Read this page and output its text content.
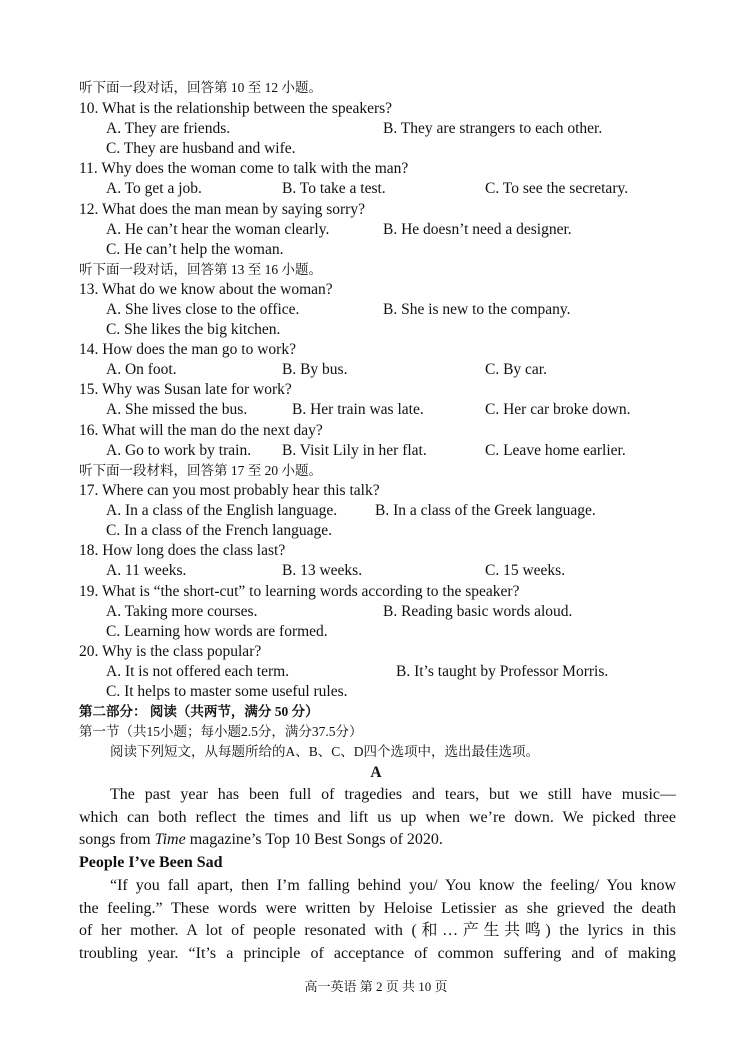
听下面一段对话，回答第 10 至 12 小题。
10. What is the relationship between the speakers?
A. They are friends.	B. They are strangers to each other.
C. They are husband and wife.
11. Why does the woman come to talk with the man?
A. To get a job.	B. To take a test.	C. To see the secretary.
12. What does the man mean by saying sorry?
A. He can’t hear the woman clearly.	B. He doesn’t need a designer.
C. He can’t help the woman.
听下面一段对话，回答第 13 至 16 小题。
13. What do we know about the woman?
A. She lives close to the office.	B. She is new to the company.
C. She likes the big kitchen.
14. How does the man go to work?
A. On foot.	B. By bus.	C. By car.
15. Why was Susan late for work?
A. She missed the bus.	B. Her train was late.	C. Her car broke down.
16. What will the man do the next day?
A. Go to work by train. B. Visit Lily in her flat.	C. Leave home earlier.
听下面一段材料，回答第 17 至 20 小题。
17. Where can you most probably hear this talk?
A. In a class of the English language. B. In a class of the Greek language.
C. In a class of the French language.
18. How long does the class last?
A. 11 weeks.	B. 13 weeks.	C. 15 weeks.
19. What is “the short-cut” to learning words according to the speaker?
A. Taking more courses.	B. Reading basic words aloud.
C. Learning how words are formed.
20. Why is the class popular?
A. It is not offered each term.	B. It’s taught by Professor Morris.
C. It helps to master some useful rules.
第二部分： 阅读（共两节，满分 50 分）
第一节（共15小题；每小题2.5分，满分37.5分）
阅读下列短文，从每题所给的A、B、C、D四个选项中，选出最佳选项。
A
The past year has been full of tragedies and tears, but we still have music—
which can both reflect the times and lift us up when we’re down. We picked three
songs from Time magazine’s Top 10 Best Songs of 2020.
People I’ve Been Sad
“If you fall apart, then I’m falling behind you/ You know the feeling/ You know
the feeling.” These words were written by Heloise Letissier as she grieved the death
of her mother. A lot of people resonated with (和…产生共鸣) the lyrics in this
troubling year. “It’s a principle of acceptance of common suffering and of making
高一英语 第 2 页 共 10 页
